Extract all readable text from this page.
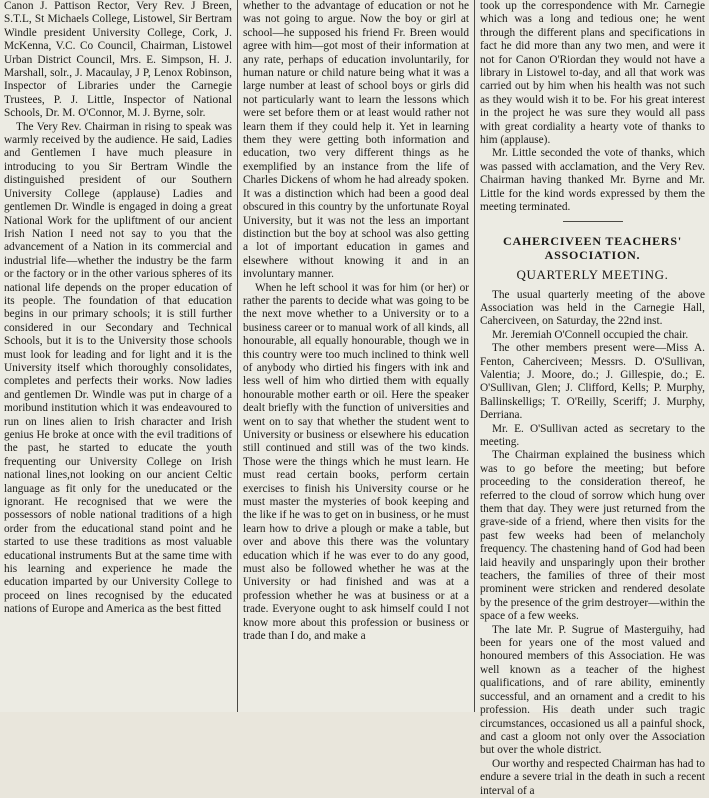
Canon J. Pattison Rector, Very Rev. J Breen, S.T.L, St Michaels College, Listowel, Sir Bertram Windle president University College, Cork, J. McKenna, V.C. Co Council, Chairman, Listowel Urban District Council, Mrs. E. Simpson, H. J. Marshall, solr., J. Macaulay, J P, Lenox Robinson, Inspector of Libraries under the Carnegie Trustees, P. J. Little, Inspector of National Schools, Dr. M. O'Connor, M. J. Byrne, solr.

The Very Rev. Chairman in rising to speak was warmly received by the audience. He said, Ladies and Gentlemen I have much pleasure in introducing to you Sir Bertram Windle the distinguished president of our Southern University College (applause) Ladies and gentlemen Dr. Windle is engaged in doing a great National Work for the upliftment of our ancient Irish Nation I need not say to you that the advancement of a Nation in its commercial and industrial life—whether the industry be the farm or the factory or in the other various spheres of its national life depends on the proper education of its people. The foundation of that education begins in our primary schools; it is still further considered in our Secondary and Technical Schools, but it is to the University those schools must look for leading and for light and it is the University itself which thoroughly consolidates, completes and perfects their works. Now ladies and gentlemen Dr. Windle was put in charge of a moribund institution which it was endeavoured to run on lines alien to Irish character and Irish genius He broke at once with the evil traditions of the past, he started to educate the youth frequenting our University College on Irish national lines,not looking on our ancient Celtic language as fit only for the uneducated or the ignorant. He recognised that we were the possessors of noble national traditions of a high order from the educational stand point and he started to use these traditions as most valuable educational instruments But at the same time with his learning and experience he made the education imparted by our University College to proceed on lines recognised by the educated nations of Europe and America as the best fitted

whether to the advantage of education or not he was not going to argue. Now the boy or girl at school—he supposed his friend Fr. Breen would agree with him—got most of their information at any rate, perhaps of education involuntarily, for human nature or child nature being what it was a large number at least of school boys or girls did not particularly want to learn the lessons which were set before them or at least would rather not learn them if they could help it. Yet in learning them they were getting both information and education, two very different things as he exemplified by an instance from the life of Charles Dickens of whom he had already spoken. It was a distinction which had been a good deal obscured in this country by the unfortunate Royal University, but it was not the less an important distinction but the boy at school was also getting a lot of important education in games and elsewhere without knowing it and in an involuntary manner.

When he left school it was for him (or her) or rather the parents to decide what was going to be the next move whether to a University or to a business career or to manual work of all kinds, all honourable, all equally honourable, though we in this country were too much inclined to think well of anybody who dirtied his fingers with ink and less well of him who dirtied them with equally honourable mother earth or oil. Here the speaker dealt briefly with the function of universities and went on to say that whether the student went to University or business or elsewhere his education still continued and still was of the two kinds. Those were the things which he must learn. He must read certain books, perform certain exercises to finish his University course or he must master the mysteries of book keeping and the like if he was to get on in business, or he must learn how to drive a plough or make a table, but over and above this there was the voluntary education which if he was ever to do any good, must also be followed whether he was at the University or had finished and was at a profession whether he was at business or at a trade. Everyone ought to ask himself could I not know more about this profession or business or trade than I do, and make a

took up the correspondence with Mr. Carnegie which was a long and tedious one; he went through the different plans and specifications in fact he did more than any two men, and were it not for Canon O'Riordan they would not have a library in Listowel to-day, and all that work was carried out by him when his health was not such as they would wish it to be. For his great interest in the project he was sure they would all pass with great cordiality a hearty vote of thanks to him (applause).

Mr. Little seconded the vote of thanks, which was passed with acclamation, and the Very Rev. Chairman having thanked Mr. Byrne and Mr. Little for the kind words expressed by them the meeting terminated.

CAHERCIVEEN TEACHERS' ASSOCIATION.
QUARTERLY MEETING.

The usual quarterly meeting of the above Association was held in the Carnegie Hall, Caherciveen, on Saturday, the 22nd inst.

Mr. Jeremiah O'Connell occupied the chair.

The other members present were—Miss A. Fenton, Caherciveen; Messrs. D. O'Sullivan, Valentia; J. Moore, do.; J. Gillespie, do.; E. O'Sullivan, Glen; J. Clifford, Kells; P. Murphy, Ballinskelligs; T. O'Reilly, Sceriff; J. Murphy, Derriana.

Mr. E. O'Sullivan acted as secretary to the meeting.

The Chairman explained the business which was to go before the meeting; but before proceeding to the consideration thereof, he referred to the cloud of sorrow which hung over them that day. They were just returned from the grave-side of a friend, where then visits for the past few weeks had been of melancholy frequency. The chastening hand of God had been laid heavily and unsparingly upon their brother teachers, the families of three of their most prominent were stricken and rendered desolate by the presence of the grim destroyer—within the space of a few weeks.

The late Mr. P. Sugrue of Masterguihy, had been for years one of the most valued and honoured members of this Association. He was well known as a teacher of the highest qualifications, and of rare ability, eminently successful, and an ornament and a credit to his profession. His death under such tragic circumstances, occasioned us all a painful shock, and cast a gloom not only over the Association but over the whole district.

Our worthy and respected Chairman has had to endure a severe trial in the death in such a recent interval of a
